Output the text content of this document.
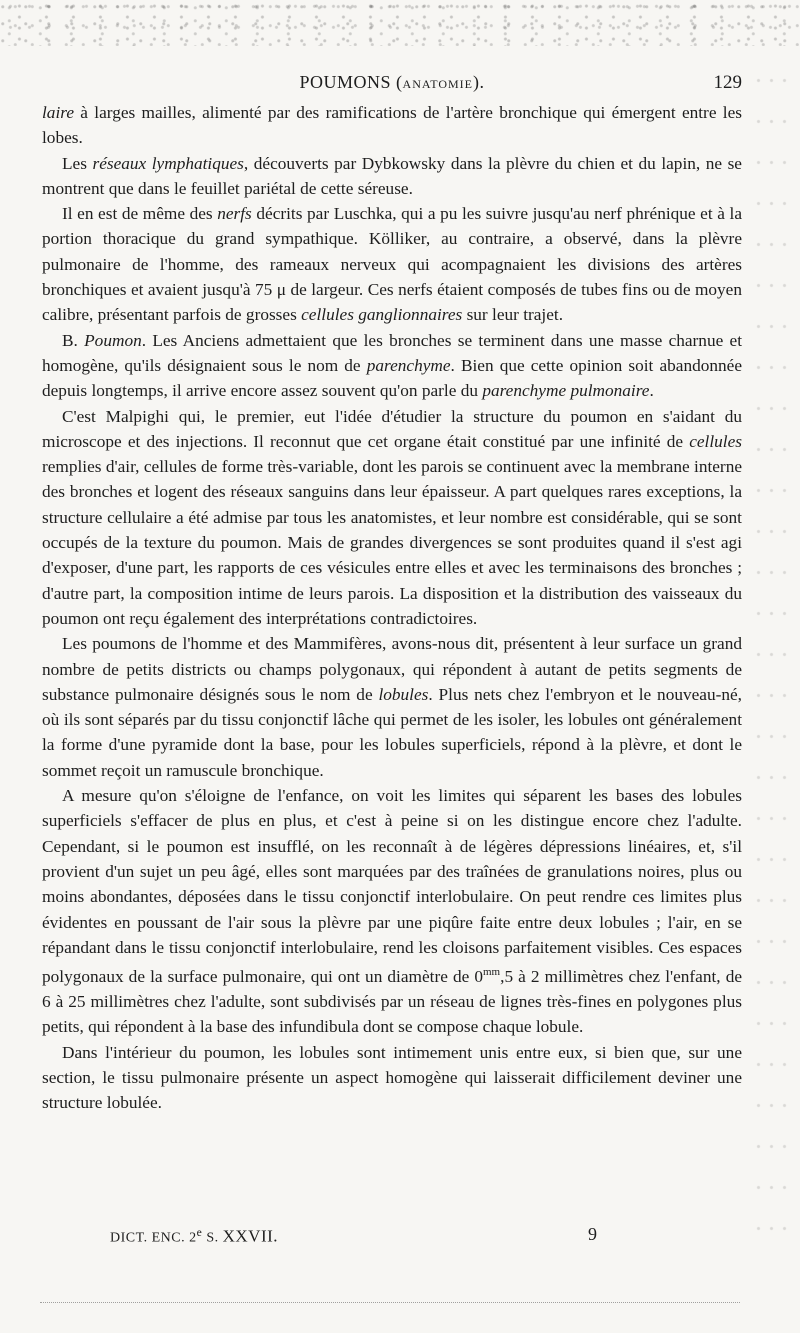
POUMONS (ANATOMIE).	129

laire à larges mailles, alimenté par des ramifications de l'artère bronchique qui émergent entre les lobes.

Les réseaux lymphatiques, découverts par Dybkowsky dans la plèvre du chien et du lapin, ne se montrent que dans le feuillet pariétal de cette séreuse.

Il en est de même des nerfs décrits par Luschka, qui a pu les suivre jusqu'au nerf phrénique et à la portion thoracique du grand sympathique. Kölliker, au contraire, a observé, dans la plèvre pulmonaire de l'homme, des rameaux nerveux qui acompagnaient les divisions des artères bronchiques et avaient jusqu'à 75 μ de largeur. Ces nerfs étaient composés de tubes fins ou de moyen calibre, présentant parfois de grosses cellules ganglionnaires sur leur trajet.

B. Poumon. Les Anciens admettaient que les bronches se terminent dans une masse charnue et homogène, qu'ils désignaient sous le nom de parenchyme. Bien que cette opinion soit abandonnée depuis longtemps, il arrive encore assez souvent qu'on parle du parenchyme pulmonaire.

C'est Malpighi qui, le premier, eut l'idée d'étudier la structure du poumon en s'aidant du microscope et des injections. Il reconnut que cet organe était constitué par une infinité de cellules remplies d'air, cellules de forme très-variable, dont les parois se continuent avec la membrane interne des bronches et logent des réseaux sanguins dans leur épaisseur. A part quelques rares exceptions, la structure cellulaire a été admise par tous les anatomistes, et leur nombre est considérable, qui se sont occupés de la texture du poumon. Mais de grandes divergences se sont produites quand il s'est agi d'exposer, d'une part, les rapports de ces vésicules entre elles et avec les terminaisons des bronches ; d'autre part, la composition intime de leurs parois. La disposition et la distribution des vaisseaux du poumon ont reçu également des interprétations contradictoires.

Les poumons de l'homme et des Mammifères, avons-nous dit, présentent à leur surface un grand nombre de petits districts ou champs polygonaux, qui répondent à autant de petits segments de substance pulmonaire désignés sous le nom de lobules. Plus nets chez l'embryon et le nouveau-né, où ils sont séparés par du tissu conjonctif lâche qui permet de les isoler, les lobules ont généralement la forme d'une pyramide dont la base, pour les lobules superficiels, répond à la plèvre, et dont le sommet reçoit un ramuscule bronchique.

A mesure qu'on s'éloigne de l'enfance, on voit les limites qui séparent les bases des lobules superficiels s'effacer de plus en plus, et c'est à peine si on les distingue encore chez l'adulte. Cependant, si le poumon est insufflé, on les reconnaît à de légères dépressions linéaires, et, s'il provient d'un sujet un peu âgé, elles sont marquées par des traînées de granulations noires, plus ou moins abondantes, déposées dans le tissu conjonctif interlobulaire. On peut rendre ces limites plus évidentes en poussant de l'air sous la plèvre par une piqûre faite entre deux lobules ; l'air, en se répandant dans le tissu conjonctif interlobulaire, rend les cloisons parfaitement visibles. Ces espaces polygonaux de la surface pulmonaire, qui ont un diamètre de $0^{mm},5$ à 2 millimètres chez l'enfant, de 6 à 25 millimètres chez l'adulte, sont subdivisés par un réseau de lignes très-fines en polygones plus petits, qui répondent à la base des infundibula dont se compose chaque lobule.

Dans l'intérieur du poumon, les lobules sont intimement unis entre eux, si bien que, sur une section, le tissu pulmonaire présente un aspect homogène qui laisserait difficilement deviner une structure lobulée.

DICT. ENC. 2e S. XXVII.	9
